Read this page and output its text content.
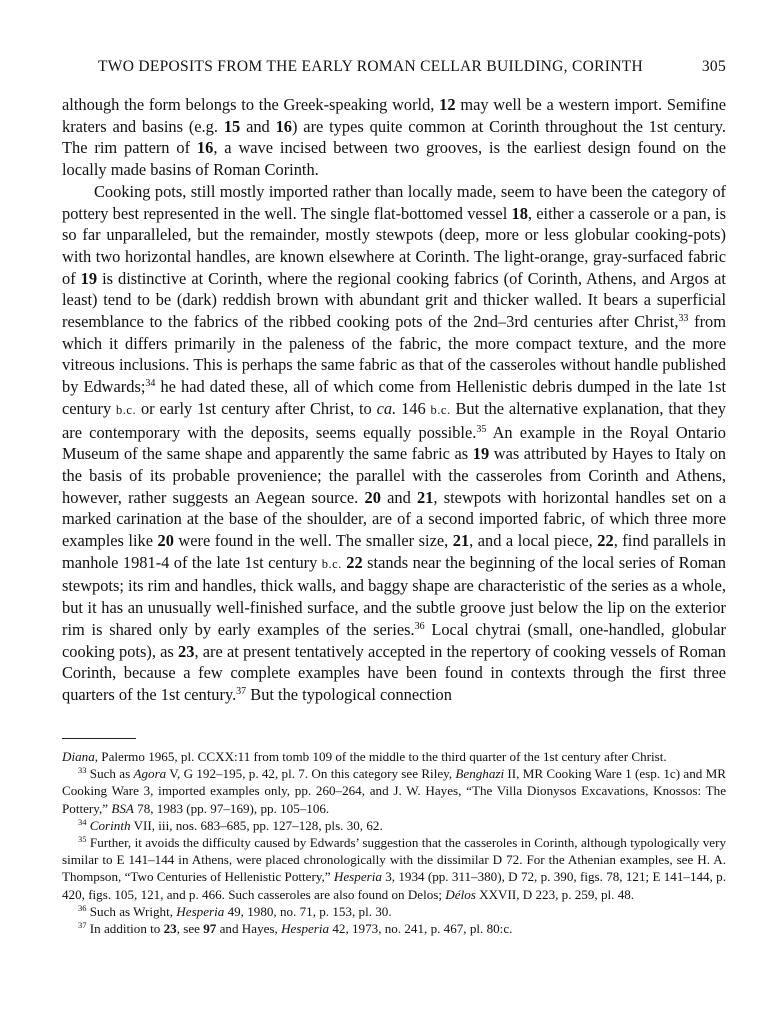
TWO DEPOSITS FROM THE EARLY ROMAN CELLAR BUILDING, CORINTH	305

although the form belongs to the Greek-speaking world, 12 may well be a western import. Semifine kraters and basins (e.g. 15 and 16) are types quite common at Corinth throughout the 1st century. The rim pattern of 16, a wave incised between two grooves, is the earliest design found on the locally made basins of Roman Corinth.

Cooking pots, still mostly imported rather than locally made, seem to have been the category of pottery best represented in the well. The single flat-bottomed vessel 18, either a casserole or a pan, is so far unparalleled, but the remainder, mostly stewpots (deep, more or less globular cooking-pots) with two horizontal handles, are known elsewhere at Corinth. The light-orange, gray-surfaced fabric of 19 is distinctive at Corinth, where the regional cooking fabrics (of Corinth, Athens, and Argos at least) tend to be (dark) reddish brown with abundant grit and thicker walled. It bears a superficial resemblance to the fabrics of the ribbed cooking pots of the 2nd–3rd centuries after Christ,$^{33}$ from which it differs primarily in the paleness of the fabric, the more compact texture, and the more vitreous inclusions. This is perhaps the same fabric as that of the casseroles without handle published by Edwards;$^{34}$ he had dated these, all of which come from Hellenistic debris dumped in the late 1st century b.c. or early 1st century after Christ, to ca. 146 b.c. But the alternative explanation, that they are contemporary with the deposits, seems equally possible.$^{35}$ An example in the Royal Ontario Museum of the same shape and apparently the same fabric as 19 was attributed by Hayes to Italy on the basis of its probable provenience; the parallel with the casseroles from Corinth and Athens, however, rather suggests an Aegean source. 20 and 21, stewpots with horizontal handles set on a marked carination at the base of the shoulder, are of a second imported fabric, of which three more examples like 20 were found in the well. The smaller size, 21, and a local piece, 22, find parallels in manhole 1981-4 of the late 1st century b.c. 22 stands near the beginning of the local series of Roman stewpots; its rim and handles, thick walls, and baggy shape are characteristic of the series as a whole, but it has an unusually well-finished surface, and the subtle groove just below the lip on the exterior rim is shared only by early examples of the series.$^{36}$ Local chytrai (small, one-handled, globular cooking pots), as 23, are at present tentatively accepted in the repertory of cooking vessels of Roman Corinth, because a few complete examples have been found in contexts through the first three quarters of the 1st century.$^{37}$ But the typological connection

Diana, Palermo 1965, pl. CCXX:11 from tomb 109 of the middle to the third quarter of the 1st century after Christ.

$^{33}$ Such as Agora V, G 192–195, p. 42, pl. 7. On this category see Riley, Benghazi II, MR Cooking Ware 1 (esp. 1c) and MR Cooking Ware 3, imported examples only, pp. 260–264, and J. W. Hayes, “The Villa Dionysos Excavations, Knossos: The Pottery,” BSA 78, 1983 (pp. 97–169), pp. 105–106.

$^{34}$ Corinth VII, iii, nos. 683–685, pp. 127–128, pls. 30, 62.

$^{35}$ Further, it avoids the difficulty caused by Edwards’ suggestion that the casseroles in Corinth, although typologically very similar to E 141–144 in Athens, were placed chronologically with the dissimilar D 72. For the Athenian examples, see H. A. Thompson, “Two Centuries of Hellenistic Pottery,” Hesperia 3, 1934 (pp. 311–380), D 72, p. 390, figs. 78, 121; E 141–144, p. 420, figs. 105, 121, and p. 466. Such casseroles are also found on Delos; Délos XXVII, D 223, p. 259, pl. 48.

$^{36}$ Such as Wright, Hesperia 49, 1980, no. 71, p. 153, pl. 30.

$^{37}$ In addition to 23, see 97 and Hayes, Hesperia 42, 1973, no. 241, p. 467, pl. 80:c.
